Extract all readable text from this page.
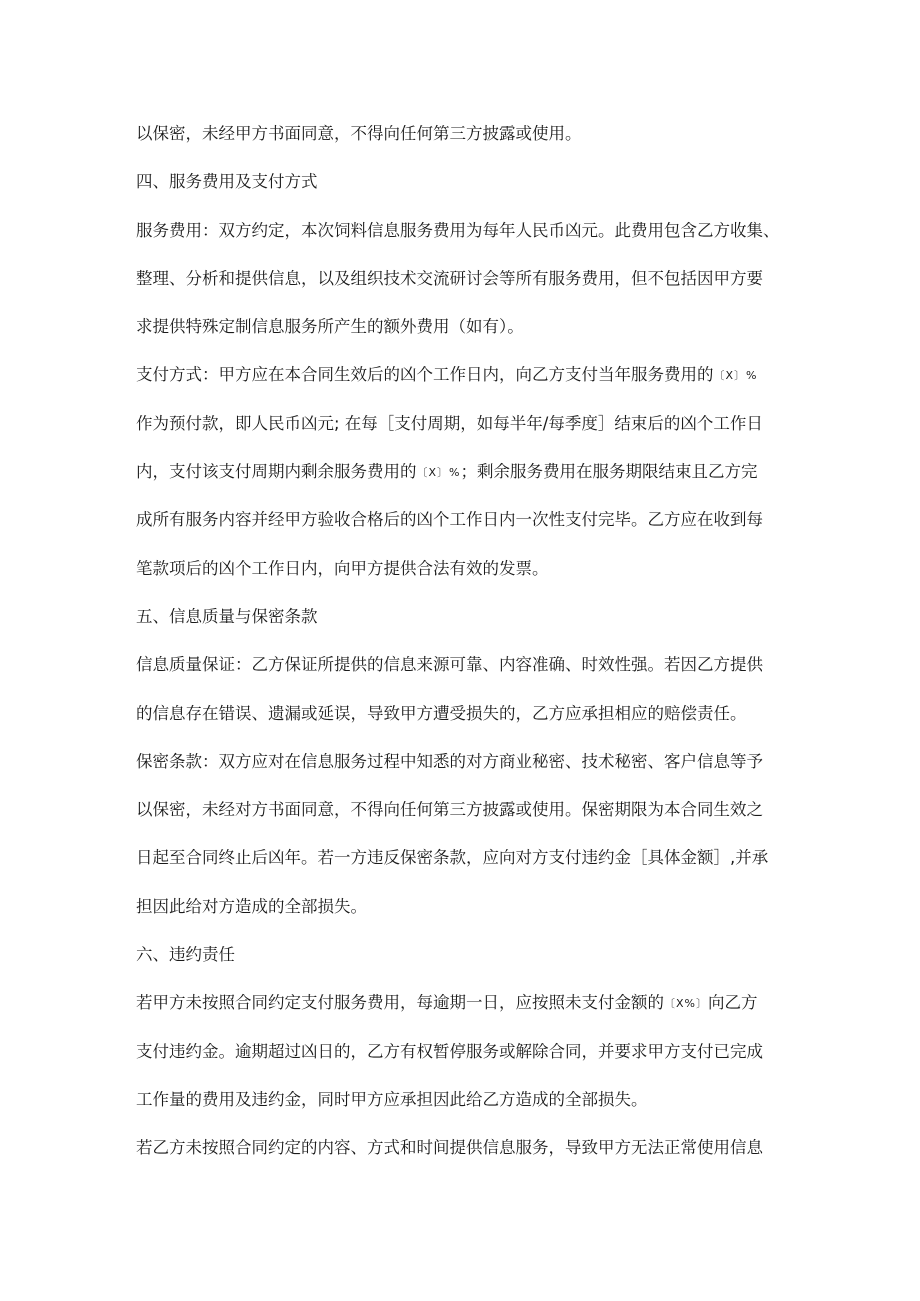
以保密，未经甲方书面同意，不得向任何第三方披露或使用。
四、服务费用及支付方式
服务费用：双方约定，本次饲料信息服务费用为每年人民币凶元。此费用包含乙方收集、
整理、分析和提供信息，以及组织技术交流研讨会等所有服务费用，但不包括因甲方要
求提供特殊定制信息服务所产生的额外费用（如有）。
支付方式：甲方应在本合同生效后的凶个工作日内，向乙方支付当年服务费用的〔X〕%
作为预付款，即人民币凶元; 在每［支付周期，如每半年/每季度］结束后的凶个工作日
内，支付该支付周期内剩余服务费用的〔X〕%；剩余服务费用在服务期限结束且乙方完
成所有服务内容并经甲方验收合格后的凶个工作日内一次性支付完毕。乙方应在收到每
笔款项后的凶个工作日内，向甲方提供合法有效的发票。
五、信息质量与保密条款
信息质量保证：乙方保证所提供的信息来源可靠、内容准确、时效性强。若因乙方提供
的信息存在错误、遗漏或延误，导致甲方遭受损失的，乙方应承担相应的赔偿责任。
保密条款：双方应对在信息服务过程中知悉的对方商业秘密、技术秘密、客户信息等予
以保密，未经对方书面同意，不得向任何第三方披露或使用。保密期限为本合同生效之
日起至合同终止后凶年。若一方违反保密条款，应向对方支付违约金［具体金额］,并承
担因此给对方造成的全部损失。
六、违约责任
若甲方未按照合同约定支付服务费用，每逾期一日，应按照未支付金额的〔X%〕向乙方
支付违约金。逾期超过凶日的，乙方有权暂停服务或解除合同，并要求甲方支付已完成
工作量的费用及违约金，同时甲方应承担因此给乙方造成的全部损失。
若乙方未按照合同约定的内容、方式和时间提供信息服务，导致甲方无法正常使用信息
